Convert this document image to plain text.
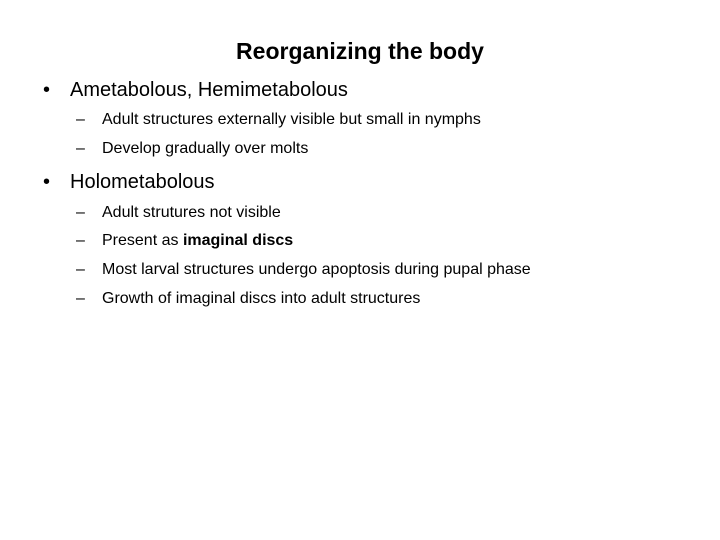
Reorganizing the body
• Ametabolous, Hemimetabolous
– Adult structures externally visible but small in nymphs
– Develop gradually over molts
• Holometabolous
– Adult strutures not visible
– Present as imaginal discs
– Most larval structures undergo apoptosis during pupal phase
– Growth of imaginal discs into adult structures
